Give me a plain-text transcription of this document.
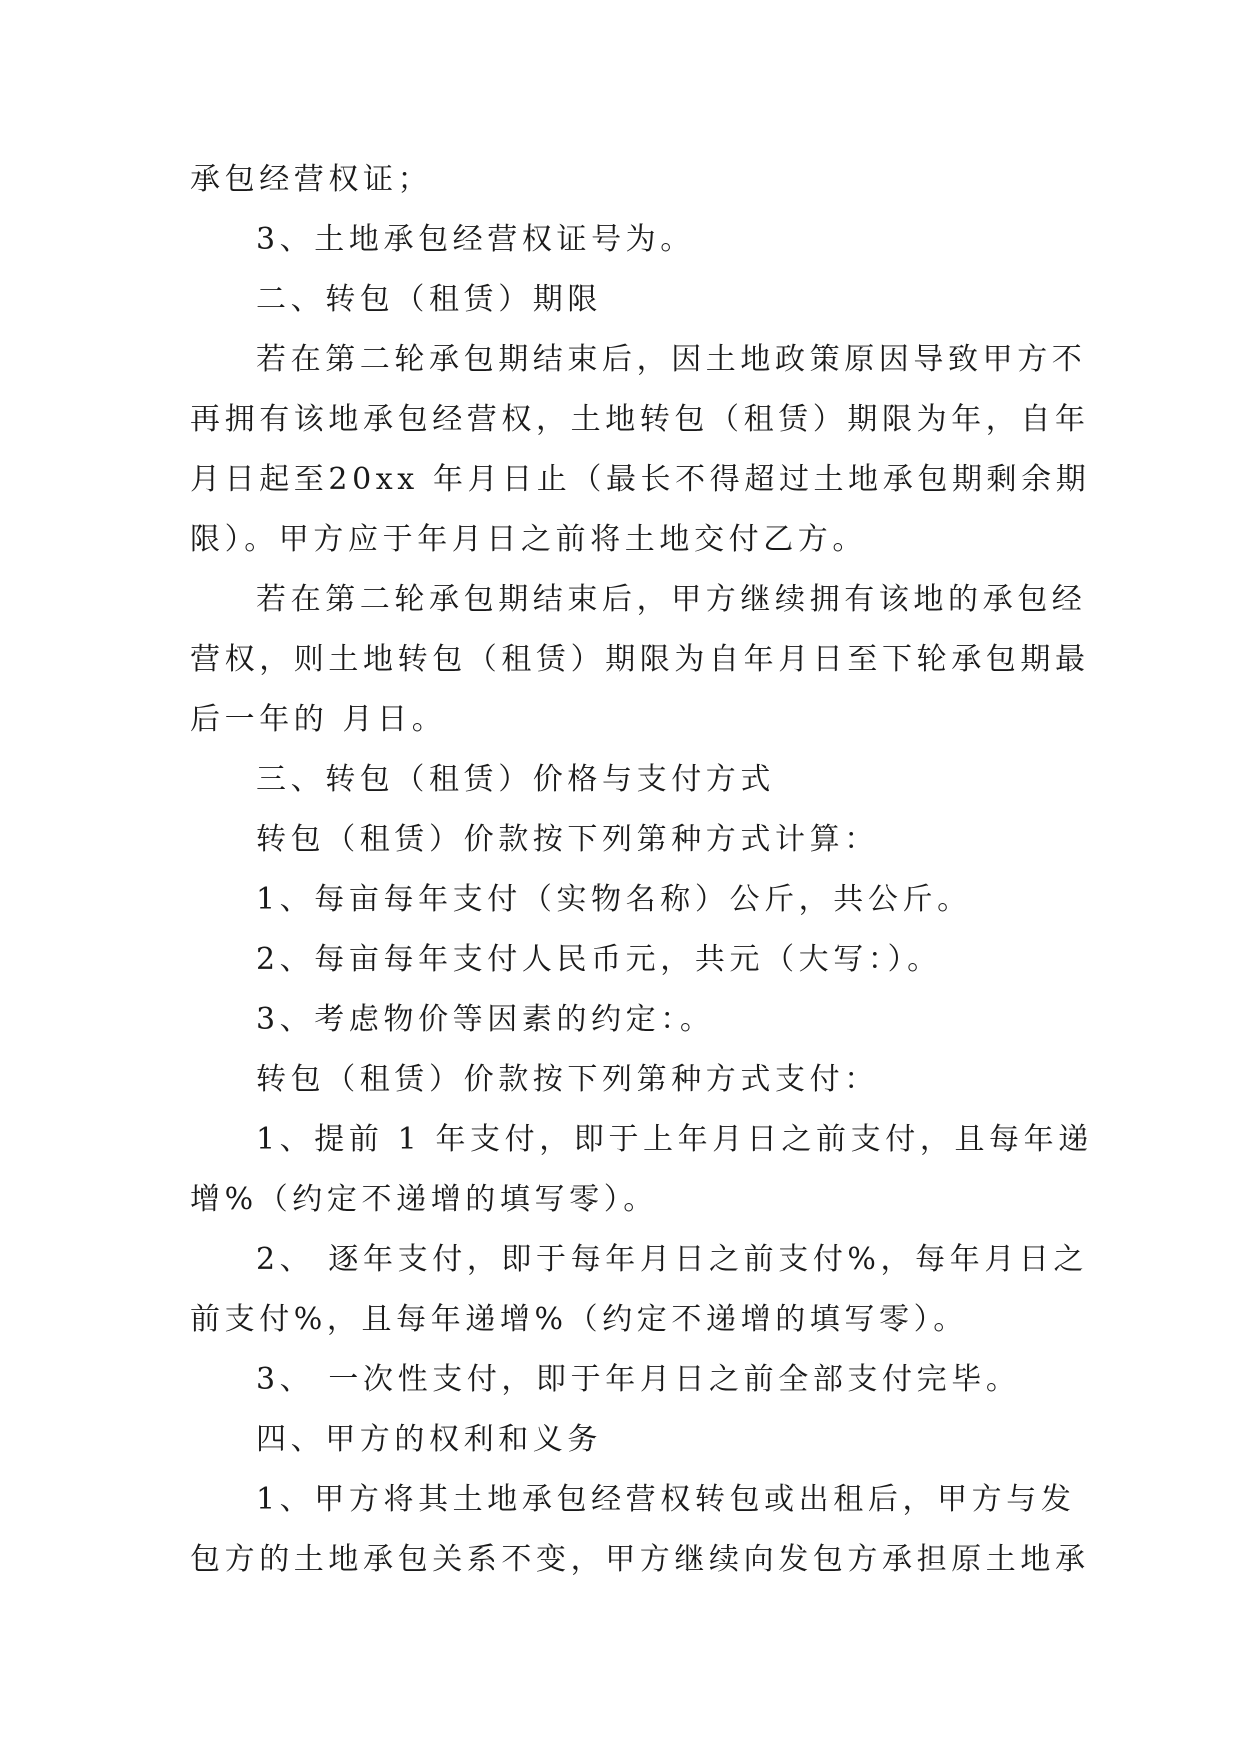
承包经营权证；
3、土地承包经营权证号为。
二、转包（租赁）期限
若在第二轮承包期结束后，因土地政策原因导致甲方不
再拥有该地承包经营权，土地转包（租赁）期限为年，自年
月日起至20xx 年月日止（最长不得超过土地承包期剩余期
限）。甲方应于年月日之前将土地交付乙方。
若在第二轮承包期结束后，甲方继续拥有该地的承包经
营权，则土地转包（租赁）期限为自年月日至下轮承包期最
后一年的 月日。
三、转包（租赁）价格与支付方式
转包（租赁）价款按下列第种方式计算：
1、每亩每年支付（实物名称）公斤，共公斤。
2、每亩每年支付人民币元，共元（大写：）。
3、考虑物价等因素的约定：。
转包（租赁）价款按下列第种方式支付：
1、提前 1 年支付，即于上年月日之前支付，且每年递
增%（约定不递增的填写零）。
2、 逐年支付，即于每年月日之前支付%，每年月日之
前支付%，且每年递增%（约定不递增的填写零）。
3、 一次性支付，即于年月日之前全部支付完毕。
四、甲方的权利和义务
1、甲方将其土地承包经营权转包或出租后，甲方与发
包方的土地承包关系不变，甲方继续向发包方承担原土地承
